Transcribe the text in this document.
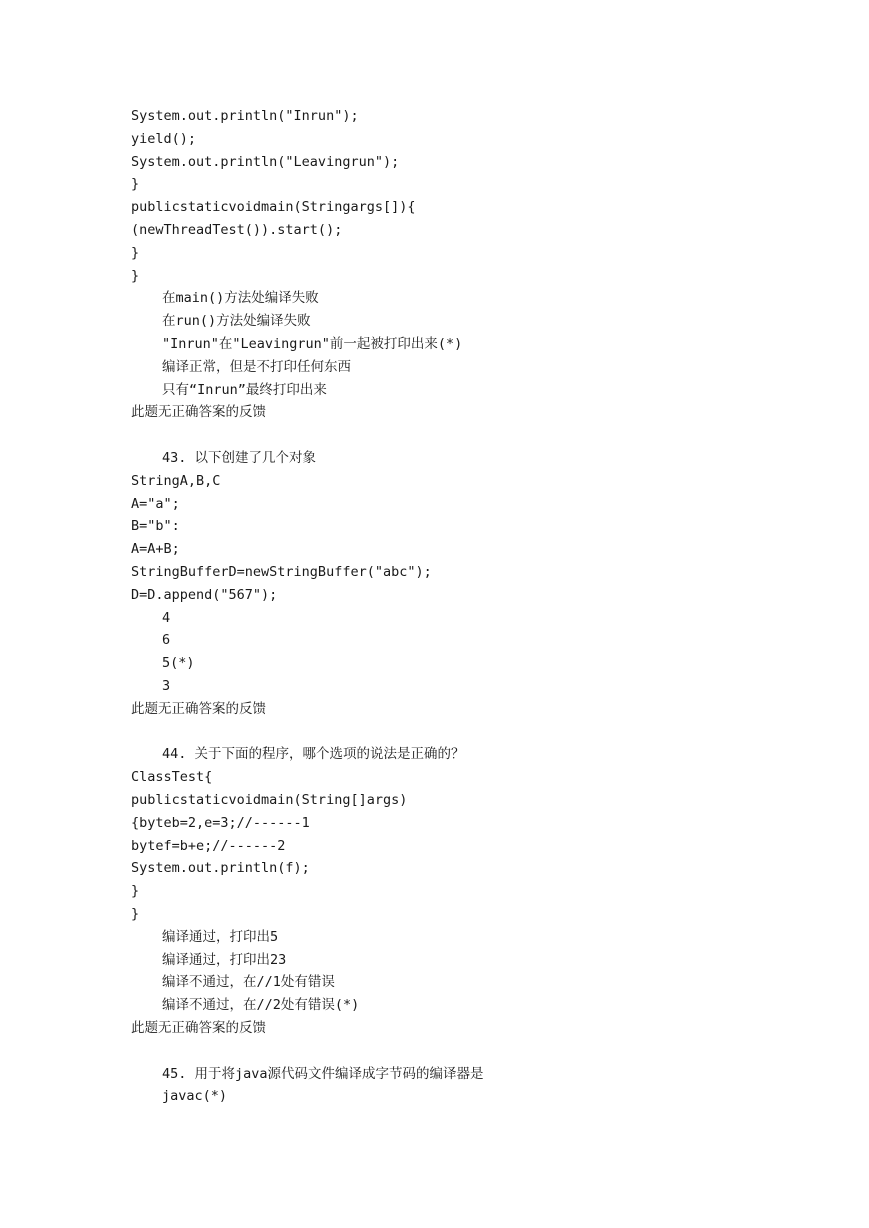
System.out.println("Inrun");
yield();
System.out.println("Leavingrun");
}
publicstaticvoidmain(Stringargs[]){
(newThreadTest()).start();
}
}
在main()方法处编译失败
在run()方法处编译失败
"Inrun"在"Leavingrun"前一起被打印出来(*)
编译正常，但是不打印任何东西
只有“Inrun”最终打印出来
此题无正确答案的反馈
43. 以下创建了几个对象
StringA,B,C
A="a";
B="b":
A=A+B;
StringBufferD=newStringBuffer("abc");
D=D.append("567");
4
6
5(*)
3
此题无正确答案的反馈
44. 关于下面的程序，哪个选项的说法是正确的？
ClassTest{
publicstaticvoidmain(String[]args)
{byteb=2,e=3;//------1
bytef=b+e;//------2
System.out.println(f);
}
}
编译通过，打印出5
编译通过，打印出23
编译不通过，在//1处有错误
编译不通过，在//2处有错误(*)
此题无正确答案的反馈
45. 用于将java源代码文件编译成字节码的编译器是
javac(*)
